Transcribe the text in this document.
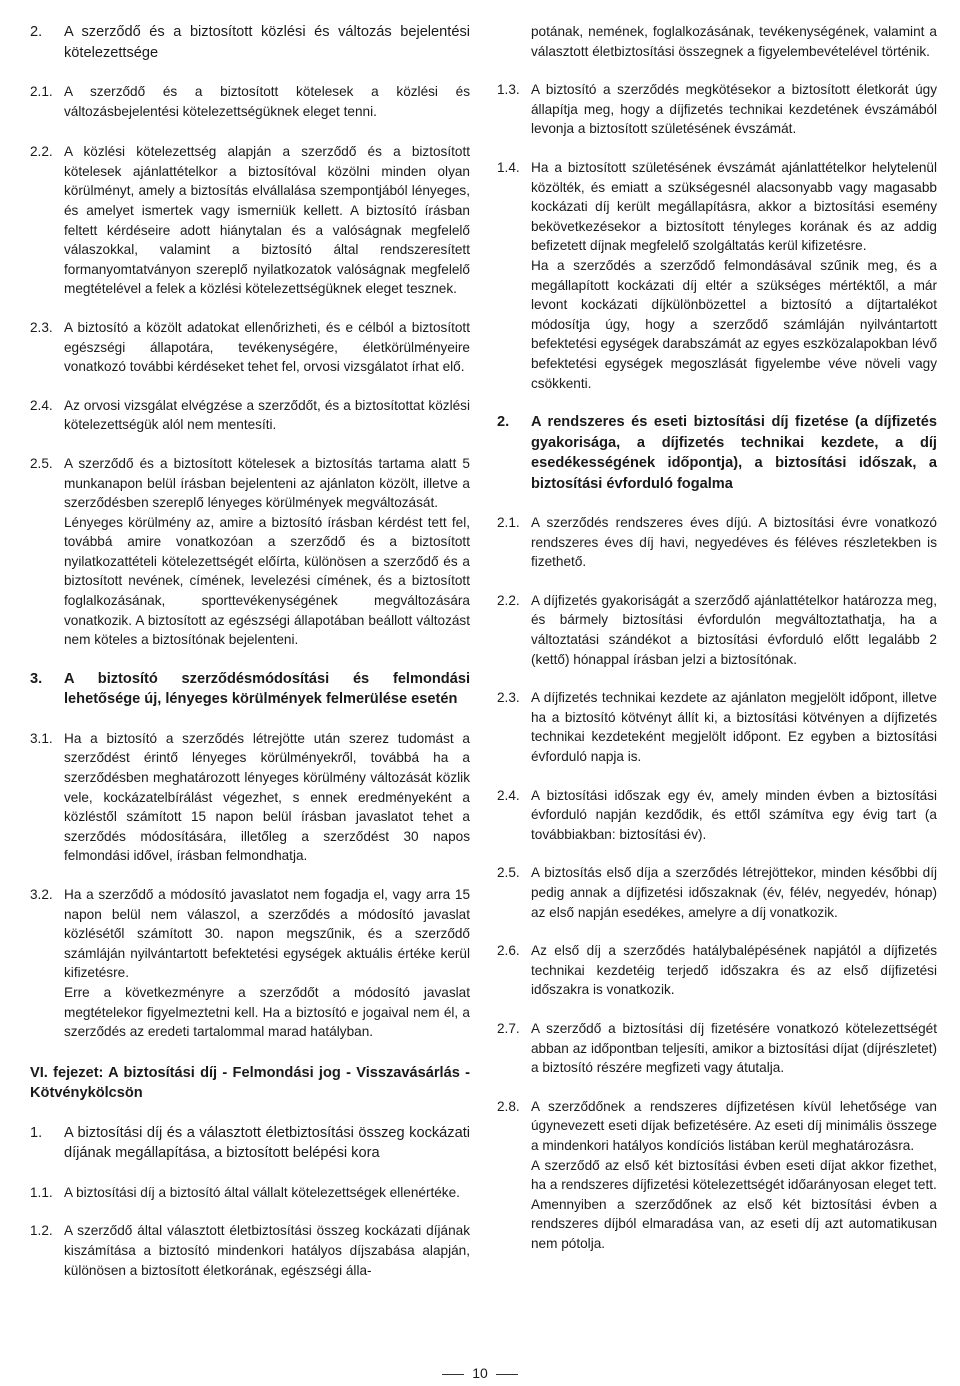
2.	A szerződő és a biztosított közlési és változás bejelentési kötelezettsége

2.1. A szerződő és a biztosított kötelesek a közlési és változásbejelentési kötelezettségüknek eleget tenni.

2.2. A közlési kötelezettség alapján a szerződő és a biztosított kötelesek ajánlattételkor a biztosítóval közölni minden olyan körülményt, amely a biztosítás elvállalása szempontjából lényeges, és amelyet ismertek vagy ismerniük kellett. A biztosító írásban feltett kérdéseire adott hiánytalan és a valóságnak megfelelő válaszokkal, valamint a biztosító által rendszeresített formanyomtatványon szereplő nyilatkozatok valóságnak megfelelő megtételével a felek a közlési kötelezettségüknek eleget tesznek.

2.3. A biztosító a közölt adatokat ellenőrizheti, és e célból a biztosított egészségi állapotára, tevékenységére, életkörülményeire vonatkozó további kérdéseket tehet fel, orvosi vizsgálatot írhat elő.

2.4. Az orvosi vizsgálat elvégzése a szerződőt, és a biztosítottat közlési kötelezettségük alól nem mentesíti.

2.5. A szerződő és a biztosított kötelesek a biztosítás tartama alatt 5 munkanapon belül írásban bejelenteni az ajánlaton közölt, illetve a szerződésben szereplő lényeges körülmények megváltozását.

Lényeges körülmény az, amire a biztosító írásban kérdést tett fel, továbbá amire vonatkozóan a szerződő és a biztosított nyilatkozattételi kötelezettségét előírta, különösen a szerződő és a biztosított nevének, címének, levelezési címének, és a biztosított foglalkozásának, sporttevékenységének megváltozására vonatkozik. A biztosított az egészségi állapotában beállott változást nem köteles a biztosítónak bejelenteni.

3.	A biztosító szerződésmódosítási és felmondási lehetősége új, lényeges körülmények felmerülése esetén

3.1. Ha a biztosító a szerződés létrejötte után szerez tudomást a szerződést érintő lényeges körülményekről, továbbá ha a szerződésben meghatározott lényeges körülmény változását közlik vele, kockázatelbírálást végezhet, s ennek eredményeként a közléstől számított 15 napon belül írásban javaslatot tehet a szerződés módosítására, illetőleg a szerződést 30 napos felmondási idővel, írásban felmondhatja.

3.2. Ha a szerződő a módosító javaslatot nem fogadja el, vagy arra 15 napon belül nem válaszol, a szerződés a módosító javaslat közlésétől számított 30. napon megszűnik, és a szerződő számláján nyilvántartott befektetési egységek aktuális értéke kerül kifizetésre.

Erre a következményre a szerződőt a módosító javaslat megtételekor figyelmeztetni kell. Ha a biztosító e jogaival nem él, a szerződés az eredeti tartalommal marad hatályban.

VI. fejezet: A biztosítási díj - Felmondási jog - Visszavásárlás - Kötvénykölcsön

1.	A biztosítási díj és a választott életbiztosítási összeg kockázati díjának megállapítása, a biztosított belépési kora

1.1. A biztosítási díj a biztosító által vállalt kötelezettségek ellenértéke.

1.2. A szerződő által választott életbiztosítási összeg kockázati díjának kiszámítása a biztosító mindenkori hatályos díjszabása alapján, különösen a biztosított életkorának, egészségi álla-

potának, nemének, foglalkozásának, tevékenységének, valamint a választott életbiztosítási összegnek a figyelembevételével történik.

1.3. A biztosító a szerződés megkötésekor a biztosított életkorát úgy állapítja meg, hogy a díjfizetés technikai kezdetének évszámából levonja a biztosított születésének évszámát.

1.4. Ha a biztosított születésének évszámát ajánlattételkor helytelenül közölték, és emiatt a szükségesnél alacsonyabb vagy magasabb kockázati díj került megállapításra, akkor a biztosítási esemény bekövetkezésekor a biztosított tényleges korának és az addig befizetett díjnak megfelelő szolgáltatás kerül kifizetésre.

Ha a szerződés a szerződő felmondásával szűnik meg, és a megállapított kockázati díj eltér a szükséges mértéktől, a már levont kockázati díjkülönbözettel a biztosító a díjtartalékot módosítja úgy, hogy a szerződő számláján nyilvántartott befektetési egységek darabszámát az egyes eszközalapokban lévő befektetési egységek megoszlását figyelembe véve növeli vagy csökkenti.

2.	A rendszeres és eseti biztosítási díj fizetése (a díjfizetés gyakorisága, a díjfizetés technikai kezdete, a díj esedékességének időpontja), a biztosítási időszak, a biztosítási évforduló fogalma

2.1. A szerződés rendszeres éves díjú. A biztosítási évre vonatkozó rendszeres éves díj havi, negyedéves és féléves részletekben is fizethető.

2.2. A díjfizetés gyakoriságát a szerződő ajánlattételkor határozza meg, és bármely biztosítási évfordulón megváltoztathatja, ha a változtatási szándékot a biztosítási évforduló előtt legalább 2 (kettő) hónappal írásban jelzi a biztosítónak.

2.3. A díjfizetés technikai kezdete az ajánlaton megjelölt időpont, illetve ha a biztosító kötvényt állít ki, a biztosítási kötvényen a díjfizetés technikai kezdeteként megjelölt időpont. Ez egyben a biztosítási évforduló napja is.

2.4. A biztosítási időszak egy év, amely minden évben a biztosítási évforduló napján kezdődik, és ettől számítva egy évig tart (a továbbiakban: biztosítási év).

2.5. A biztosítás első díja a szerződés létrejöttekor, minden későbbi díj pedig annak a díjfizetési időszaknak (év, félév, negyedév, hónap) az első napján esedékes, amelyre a díj vonatkozik.

2.6. Az első díj a szerződés hatálybalépésének napjától a díjfizetés technikai kezdetéig terjedő időszakra és az első díjfizetési időszakra is vonatkozik.

2.7. A szerződő a biztosítási díj fizetésére vonatkozó kötelezettségét abban az időpontban teljesíti, amikor a biztosítási díjat (díjrészletet) a biztosító részére megfizeti vagy átutalja.

2.8. A szerződőnek a rendszeres díjfizetésen kívül lehetősége van úgynevezett eseti díjak befizetésére. Az eseti díj minimális összege a mindenkori hatályos kondíciós listában kerül meghatározásra.

A szerződő az első két biztosítási évben eseti díjat akkor fizethet, ha a rendszeres díjfizetési kötelezettségét időarányosan eleget tett.

Amennyiben a szerződőnek az első két biztosítási évben a rendszeres díjból elmaradása van, az eseti díj azt automatikusan nem pótolja.

10
